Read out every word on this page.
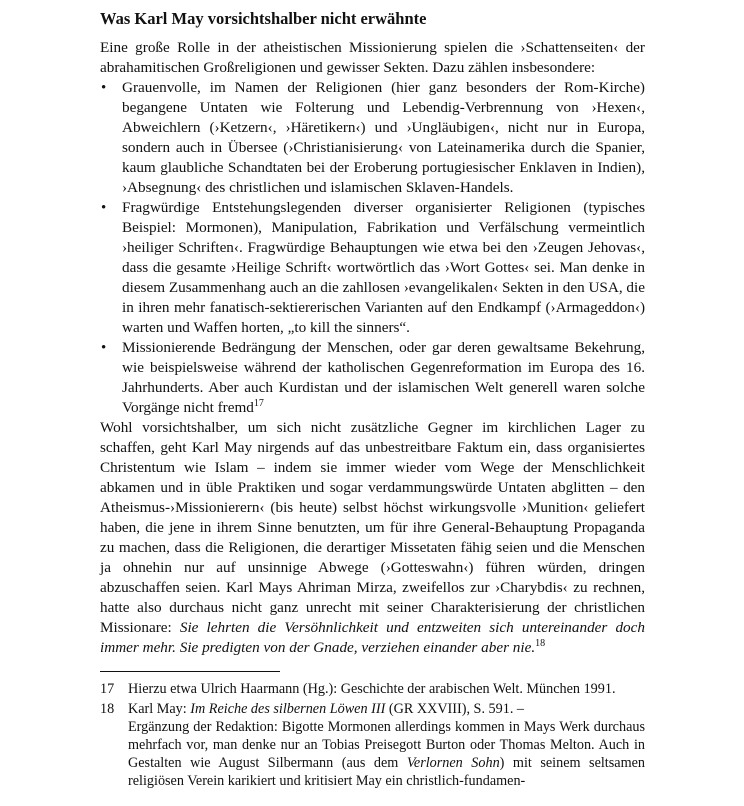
Was Karl May vorsichtshalber nicht erwähnte

Eine große Rolle in der atheistischen Missionierung spielen die ›Schattenseiten‹ der abrahamitischen Großreligionen und gewisser Sekten. Dazu zählen insbesondere:

• Grauenvolle, im Namen der Religionen (hier ganz besonders der Rom-Kirche) begangene Untaten wie Folterung und Lebendig-Verbrennung von ›Hexen‹, Abweichlern (›Ketzern‹, ›Häretikern‹) und ›Ungläubigen‹, nicht nur in Europa, sondern auch in Übersee (›Christianisierung‹ von Lateinamerika durch die Spanier, kaum glaubliche Schandtaten bei der Eroberung portugiesischer Enklaven in Indien), ›Absegnung‹ des christlichen und islamischen Sklaven-Handels.
• Fragwürdige Entstehungslegenden diverser organisierter Religionen (typisches Beispiel: Mormonen), Manipulation, Fabrikation und Verfälschung vermeintlich ›heiliger Schriften‹. Fragwürdige Behauptungen wie etwa bei den ›Zeugen Jehovas‹, dass die gesamte ›Heilige Schrift‹ wortwörtlich das ›Wort Gottes‹ sei. Man denke in diesem Zusammenhang auch an die zahllosen ›evangelikalen‹ Sekten in den USA, die in ihren mehr fanatisch-sektiererischen Varianten auf den Endkampf (›Armageddon‹) warten und Waffen horten, „to kill the sinners“.
• Missionierende Bedrängung der Menschen, oder gar deren gewaltsame Bekehrung, wie beispielsweise während der katholischen Gegenreformation im Europa des 16. Jahrhunderts. Aber auch Kurdistan und der islamischen Welt generell waren solche Vorgänge nicht fremd$^{17}$

Wohl vorsichtshalber, um sich nicht zusätzliche Gegner im kirchlichen Lager zu schaffen, geht Karl May nirgends auf das unbestreitbare Faktum ein, dass organisiertes Christentum wie Islam – indem sie immer wieder vom Wege der Menschlichkeit abkamen und in üble Praktiken und sogar verdammungswürde Untaten abglitten – den Atheismus-›Missionierern‹ (bis heute) selbst höchst wirkungsvolle ›Munition‹ geliefert haben, die jene in ihrem Sinne benutzten, um für ihre General-Behauptung Propaganda zu machen, dass die Religionen, die derartiger Missetaten fähig seien und die Menschen ja ohnehin nur auf unsinnige Abwege (›Gotteswahn‹) führen würden, dringen abzuschaffen seien. Karl Mays Ahriman Mirza, zweifellos zur ›Charybdis‹ zu rechnen, hatte also durchaus nicht ganz unrecht mit seiner Charakterisierung der christlichen Missionare: Sie lehrten die Versöhnlichkeit und entzweiten sich untereinander doch immer mehr. Sie predigten von der Gnade, verziehen einander aber nie.$^{18}$

17 Hierzu etwa Ulrich Haarmann (Hg.): Geschichte der arabischen Welt. München 1991.
18 Karl May: Im Reiche des silbernen Löwen III (GR XXVIII), S. 591. –
Ergänzung der Redaktion: Bigotte Mormonen allerdings kommen in Mays Werk durchaus mehrfach vor, man denke nur an Tobias Preisegott Burton oder Thomas Melton. Auch in Gestalten wie August Silbermann (aus dem Verlornen Sohn) mit seinem seltsamen religiösen Verein karikiert und kritisiert May ein christlich-fundamen-
